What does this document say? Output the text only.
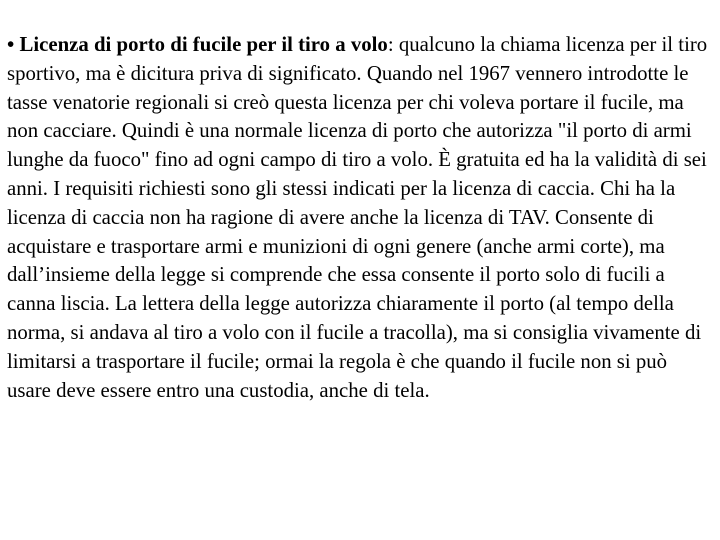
• Licenza di porto di fucile per il tiro a volo: qualcuno la chiama licenza per il tiro sportivo, ma è dicitura priva di significato. Quando nel 1967 vennero introdotte le tasse venatorie regionali si creò questa licenza per chi voleva portare il fucile, ma non cacciare. Quindi è una normale licenza di porto che autorizza "il porto di armi lunghe da fuoco" fino ad ogni campo di tiro a volo. È gratuita ed ha la validità di sei anni. I requisiti richiesti sono gli stessi indicati per la licenza di caccia. Chi ha la licenza di caccia non ha ragione di avere anche la licenza di TAV. Consente di acquistare e trasportare armi e munizioni di ogni genere (anche armi corte), ma dall’insieme della legge si comprende che essa consente il porto solo di fucili a canna liscia. La lettera della legge autorizza chiaramente il porto (al tempo della norma, si andava al tiro a volo con il fucile a tracolla), ma si consiglia vivamente di limitarsi a trasportare il fucile; ormai la regola è che quando il fucile non si può usare deve essere entro una custodia, anche di tela.
